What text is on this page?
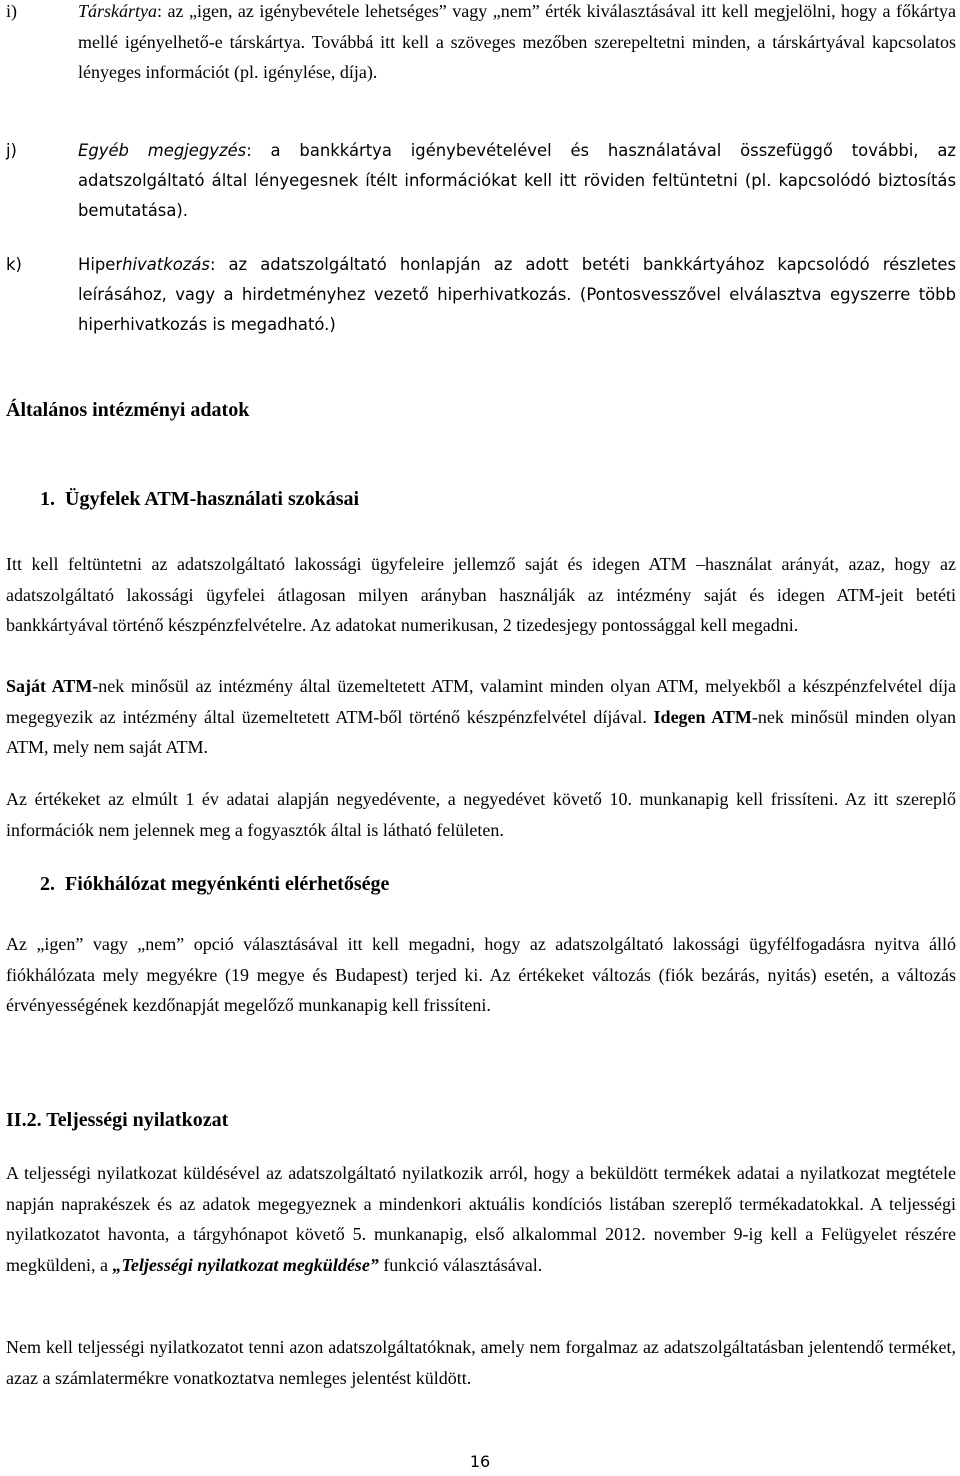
i)	Társkártya: az „igen, az igénybevétele lehetséges” vagy „nem” érték kiválasztásával itt kell megjelölni, hogy a főkártya mellé igényelhető-e társkártya. Továbbá itt kell a szöveges mezőben szerepeltetni minden, a társkártyával kapcsolatos lényeges információt (pl. igénylése, díja).
j)	Egyéb megjegyzés: a bankkártya igénybevételével és használatával összefüggő további, az adatszolgáltató által lényegesnek ítélt információkat kell itt röviden feltüntetni (pl. kapcsolódó biztosítás bemutatása).
k)	Hiperhivatkozás: az adatszolgáltató honlapján az adott betéti bankkártyához kapcsolódó részletes leírásához, vagy a hirdetményhez vezető hiperhivatkozás. (Pontosvesszővel elválasztva egyszerre több hiperhivatkozás is megadható.)
Általános intézményi adatok
1.  Ügyfelek ATM-használati szokásai

Itt kell feltüntetni az adatszolgáltató lakossági ügyfeleire jellemző saját és idegen ATM –használat arányát, azaz, hogy az adatszolgáltató lakossági ügyfelei átlagosan milyen arányban használják az intézmény saját és idegen ATM-jeit betéti bankkártyával történő készpénzfelvételre. Az adatokat numerikusan, 2 tizedesjegy pontossággal kell megadni.

Saját ATM-nek minősül az intézmény által üzemeltetett ATM, valamint minden olyan ATM, melyekből a készpénzfelvétel díja megegyezik az intézmény által üzemeltetett ATM-ből történő készpénzfelvétel díjával. Idegen ATM-nek minősül minden olyan ATM, mely nem saját ATM.

Az értékeket az elmúlt 1 év adatai alapján negyedévente, a negyedévet követő 10. munkanapig kell frissíteni. Az itt szereplő információk nem jelennek meg a fogyasztók által is látható felületen.

2.  Fiókhálózat megyénkénti elérhetősége

Az „igen” vagy „nem” opció választásával itt kell megadni, hogy az adatszolgáltató lakossági ügyfélfogadásra nyitva álló fiókhálózata mely megyékre (19 megye és Budapest) terjed ki. Az értékeket változás (fiók bezárás, nyitás) esetén, a változás érvényességének kezdőnapját megelőző munkanapig kell frissíteni.

II.2. Teljességi nyilatkozat

A teljességi nyilatkozat küldésével az adatszolgáltató nyilatkozik arról, hogy a beküldött termékek adatai a nyilatkozat megtétele napján naprakészek és az adatok megegyeznek a mindenkori aktuális kondíciós listában szereplő termékadatokkal. A teljességi nyilatkozatot havonta, a tárgyhónapot követő 5. munkanapig, első alkalommal 2012. november 9-ig kell a Felügyelet részére megküldeni, a „Teljességi nyilatkozat megküldése” funkció választásával.

Nem kell teljességi nyilatkozatot tenni azon adatszolgáltatóknak, amely nem forgalmaz az adatszolgáltatásban jelentendő terméket, azaz a számlatermékre vonatkoztatva nemleges jelentést küldött.

16
